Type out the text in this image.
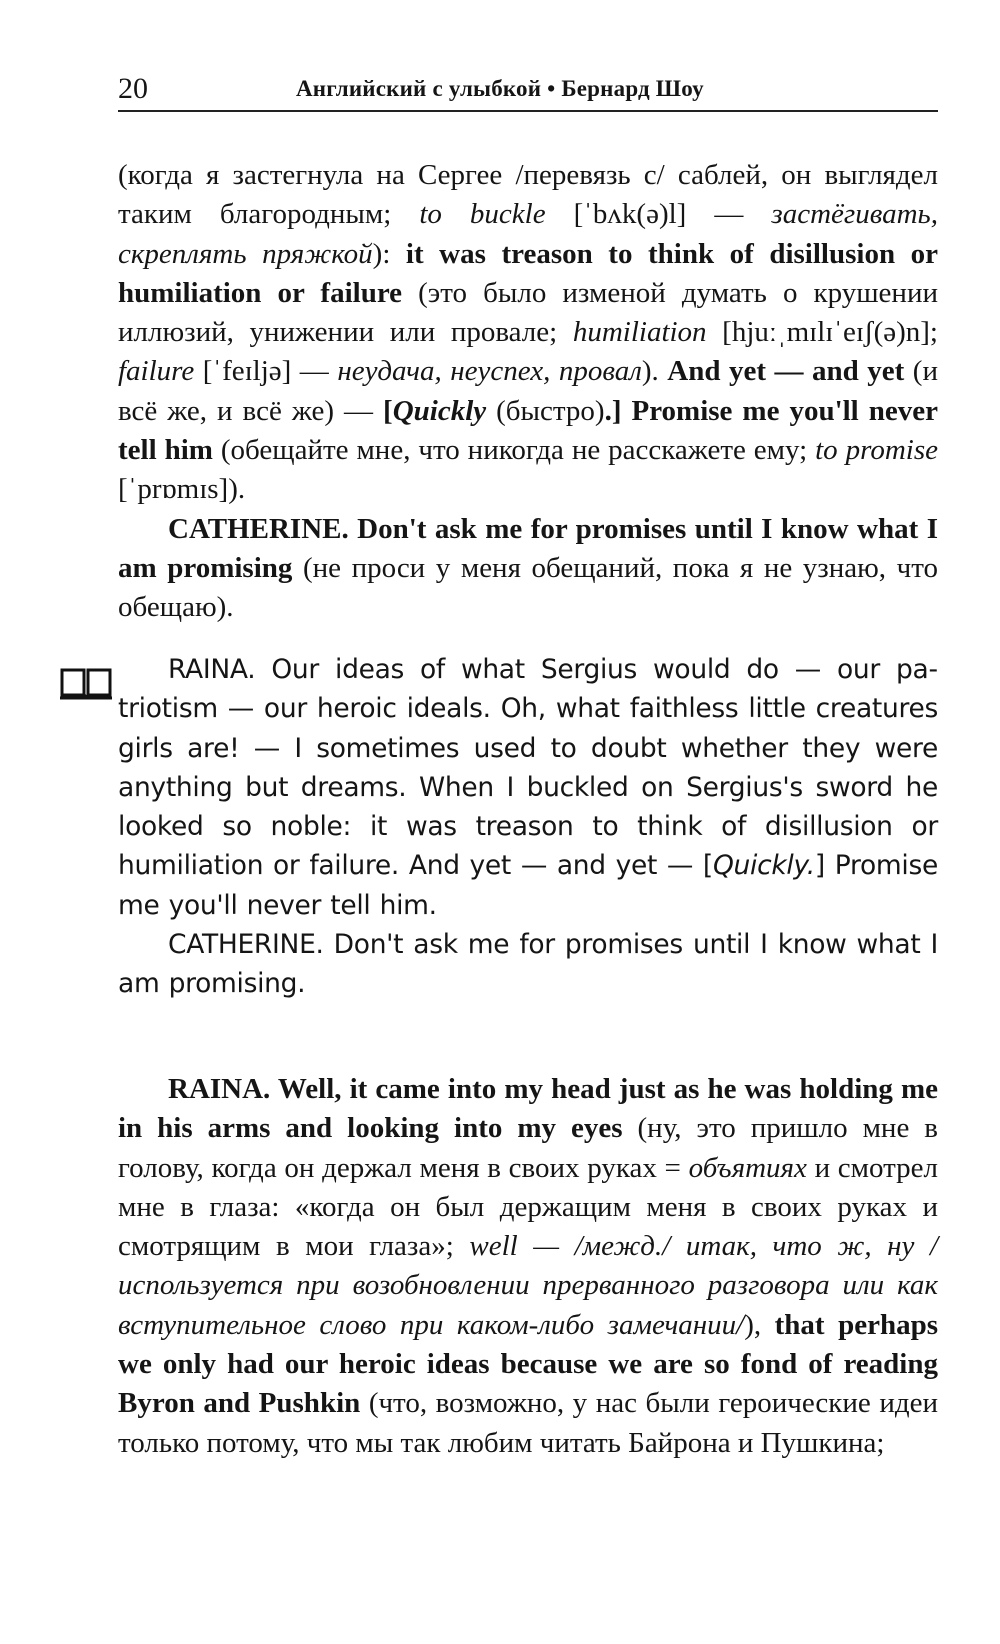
20	Английский с улыбкой • Бернард Шоу

(когда я застегнула на Сергее /перевязь с/ саблей, он выглядел таким благородным; to buckle [ˈbʌk(ə)l] — застёгивать, скреплять пряжкой): it was treason to think of disillusion or humiliation or failure (это было изменой думать о крушении иллюзий, унижении или провале; humiliation [hjuːˌmɪlɪˈeɪʃ(ə)n]; failure [ˈfeɪljə] — неудача, неуспех, провал). And yet — and yet (и всё же, и всё же) — [Quickly (быстро).] Promise me you'll never tell him (обещайте мне, что никогда не расскажете ему; to promise [ˈprɒmɪs]).

CATHERINE. Don't ask me for promises until I know what I am promising (не проси у меня обещаний, пока я не узнаю, что обещаю).

RAINA. Our ideas of what Sergius would do — our patriotism — our heroic ideals. Oh, what faithless little creatures girls are! — I sometimes used to doubt whether they were anything but dreams. When I buckled on Sergius's sword he looked so noble: it was treason to think of disillusion or humiliation or failure. And yet — and yet — [Quickly.] Promise me you'll never tell him.

CATHERINE. Don't ask me for promises until I know what I am promising.

RAINA. Well, it came into my head just as he was holding me in his arms and looking into my eyes (ну, это пришло мне в голову, когда он держал меня в своих руках = объятиях и смотрел мне в глаза: «когда он был держащим меня в своих руках и смотрящим в мои глаза»; well — /межд./ итак, что ж, ну /используется при возобновлении прерванного разговора или как вступительное слово при каком-либо замечании/), that perhaps we only had our heroic ideas because we are so fond of reading Byron and Pushkin (что, возможно, у нас были героические идеи только потому, что мы так любим читать Байрона и Пушкина;
